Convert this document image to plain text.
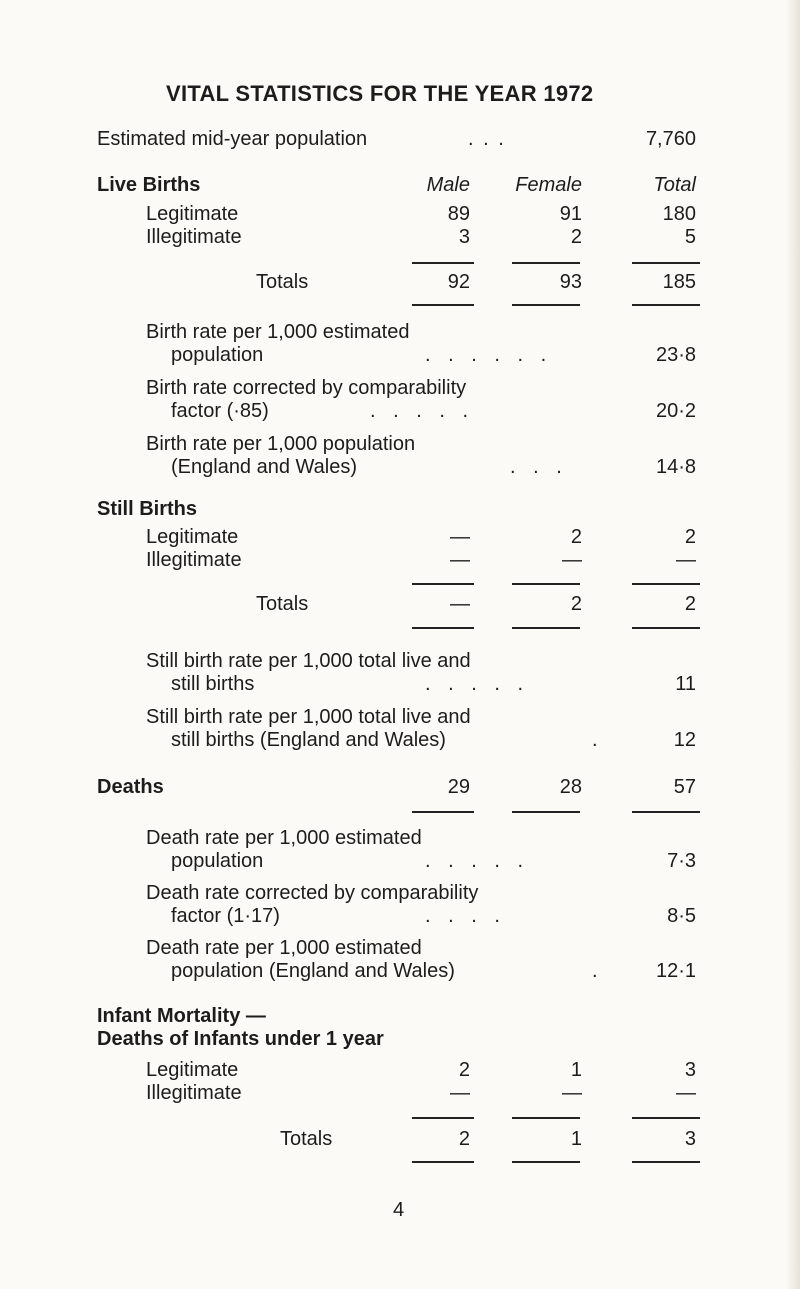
VITAL STATISTICS FOR THE YEAR 1972
Estimated mid-year population	. . .	7,760
Live Births	Male Female	Total
Legitimate	89	91	180
Illegitimate	3	2	5
Totals	92	93	185
Birth rate per 1,000 estimated
population	. . . . . .	23·8
Birth rate corrected by comparability
factor (·85)	. . . . .	20·2
Birth rate per 1,000 population
(England and Wales)	. . .	14·8
Still Births
Legitimate	—	2	2
Illegitimate	—	—	—
Totals	—	2	2
Still birth rate per 1,000 total live and
still births	. . . . .	11
Still birth rate per 1,000 total live and
still births (England and Wales)	.	12
Deaths	29	28	57
Death rate per 1,000 estimated
population	. . . . .	7·3
Death rate corrected by comparability
factor (1·17)	. . . .	8·5
Death rate per 1,000 estimated
population (England and Wales)	.	12·1
Infant Mortality —
Deaths of Infants under 1 year
Legitimate	2	1	3
Illegitimate	—	—	—
Totals	2	1	3
4
